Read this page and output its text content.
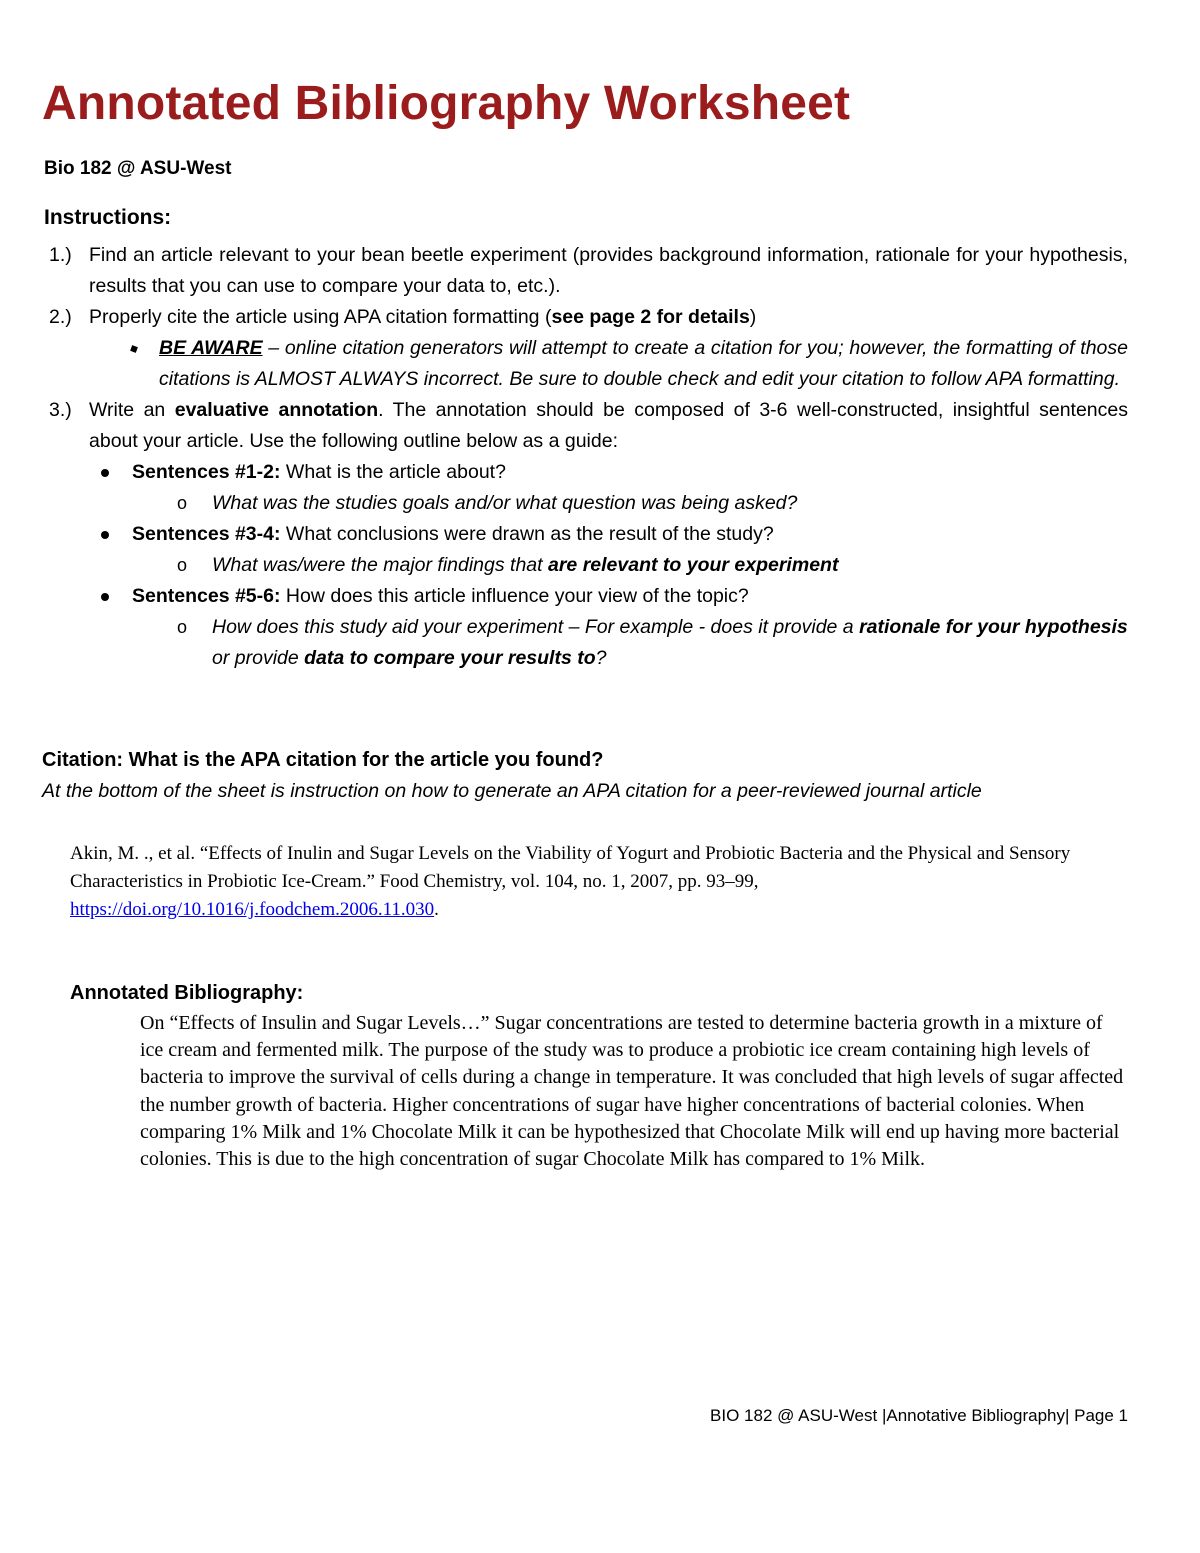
Annotated Bibliography Worksheet
Bio 182 @ ASU-West
Instructions:
1.) Find an article relevant to your bean beetle experiment (provides background information, rationale for your hypothesis, results that you can use to compare your data to, etc.).
2.) Properly cite the article using APA citation formatting (see page 2 for details)
BE AWARE – online citation generators will attempt to create a citation for you; however, the formatting of those citations is ALMOST ALWAYS incorrect. Be sure to double check and edit your citation to follow APA formatting.
3.) Write an evaluative annotation. The annotation should be composed of 3-6 well-constructed, insightful sentences about your article. Use the following outline below as a guide:
Sentences #1-2: What is the article about?
o What was the studies goals and/or what question was being asked?
Sentences #3-4: What conclusions were drawn as the result of the study?
o What was/were the major findings that are relevant to your experiment
Sentences #5-6: How does this article influence your view of the topic?
o How does this study aid your experiment – For example - does it provide a rationale for your hypothesis or provide data to compare your results to?
Citation: What is the APA citation for the article you found?
At the bottom of the sheet is instruction on how to generate an APA citation for a peer-reviewed journal article
Akin, M. ., et al. “Effects of Inulin and Sugar Levels on the Viability of Yogurt and Probiotic Bacteria and the Physical and Sensory Characteristics in Probiotic Ice-Cream.” Food Chemistry, vol. 104, no. 1, 2007, pp. 93–99, https://doi.org/10.1016/j.foodchem.2006.11.030.
Annotated Bibliography:
On “Effects of Insulin and Sugar Levels…” Sugar concentrations are tested to determine bacteria growth in a mixture of ice cream and fermented milk. The purpose of the study was to produce a probiotic ice cream containing high levels of bacteria to improve the survival of cells during a change in temperature. It was concluded that high levels of sugar affected the number growth of bacteria. Higher concentrations of sugar have higher concentrations of bacterial colonies. When comparing 1% Milk and 1% Chocolate Milk it can be hypothesized that Chocolate Milk will end up having more bacterial colonies. This is due to the high concentration of sugar Chocolate Milk has compared to 1% Milk.
BIO 182 @ ASU-West |Annotative Bibliography| Page 1
